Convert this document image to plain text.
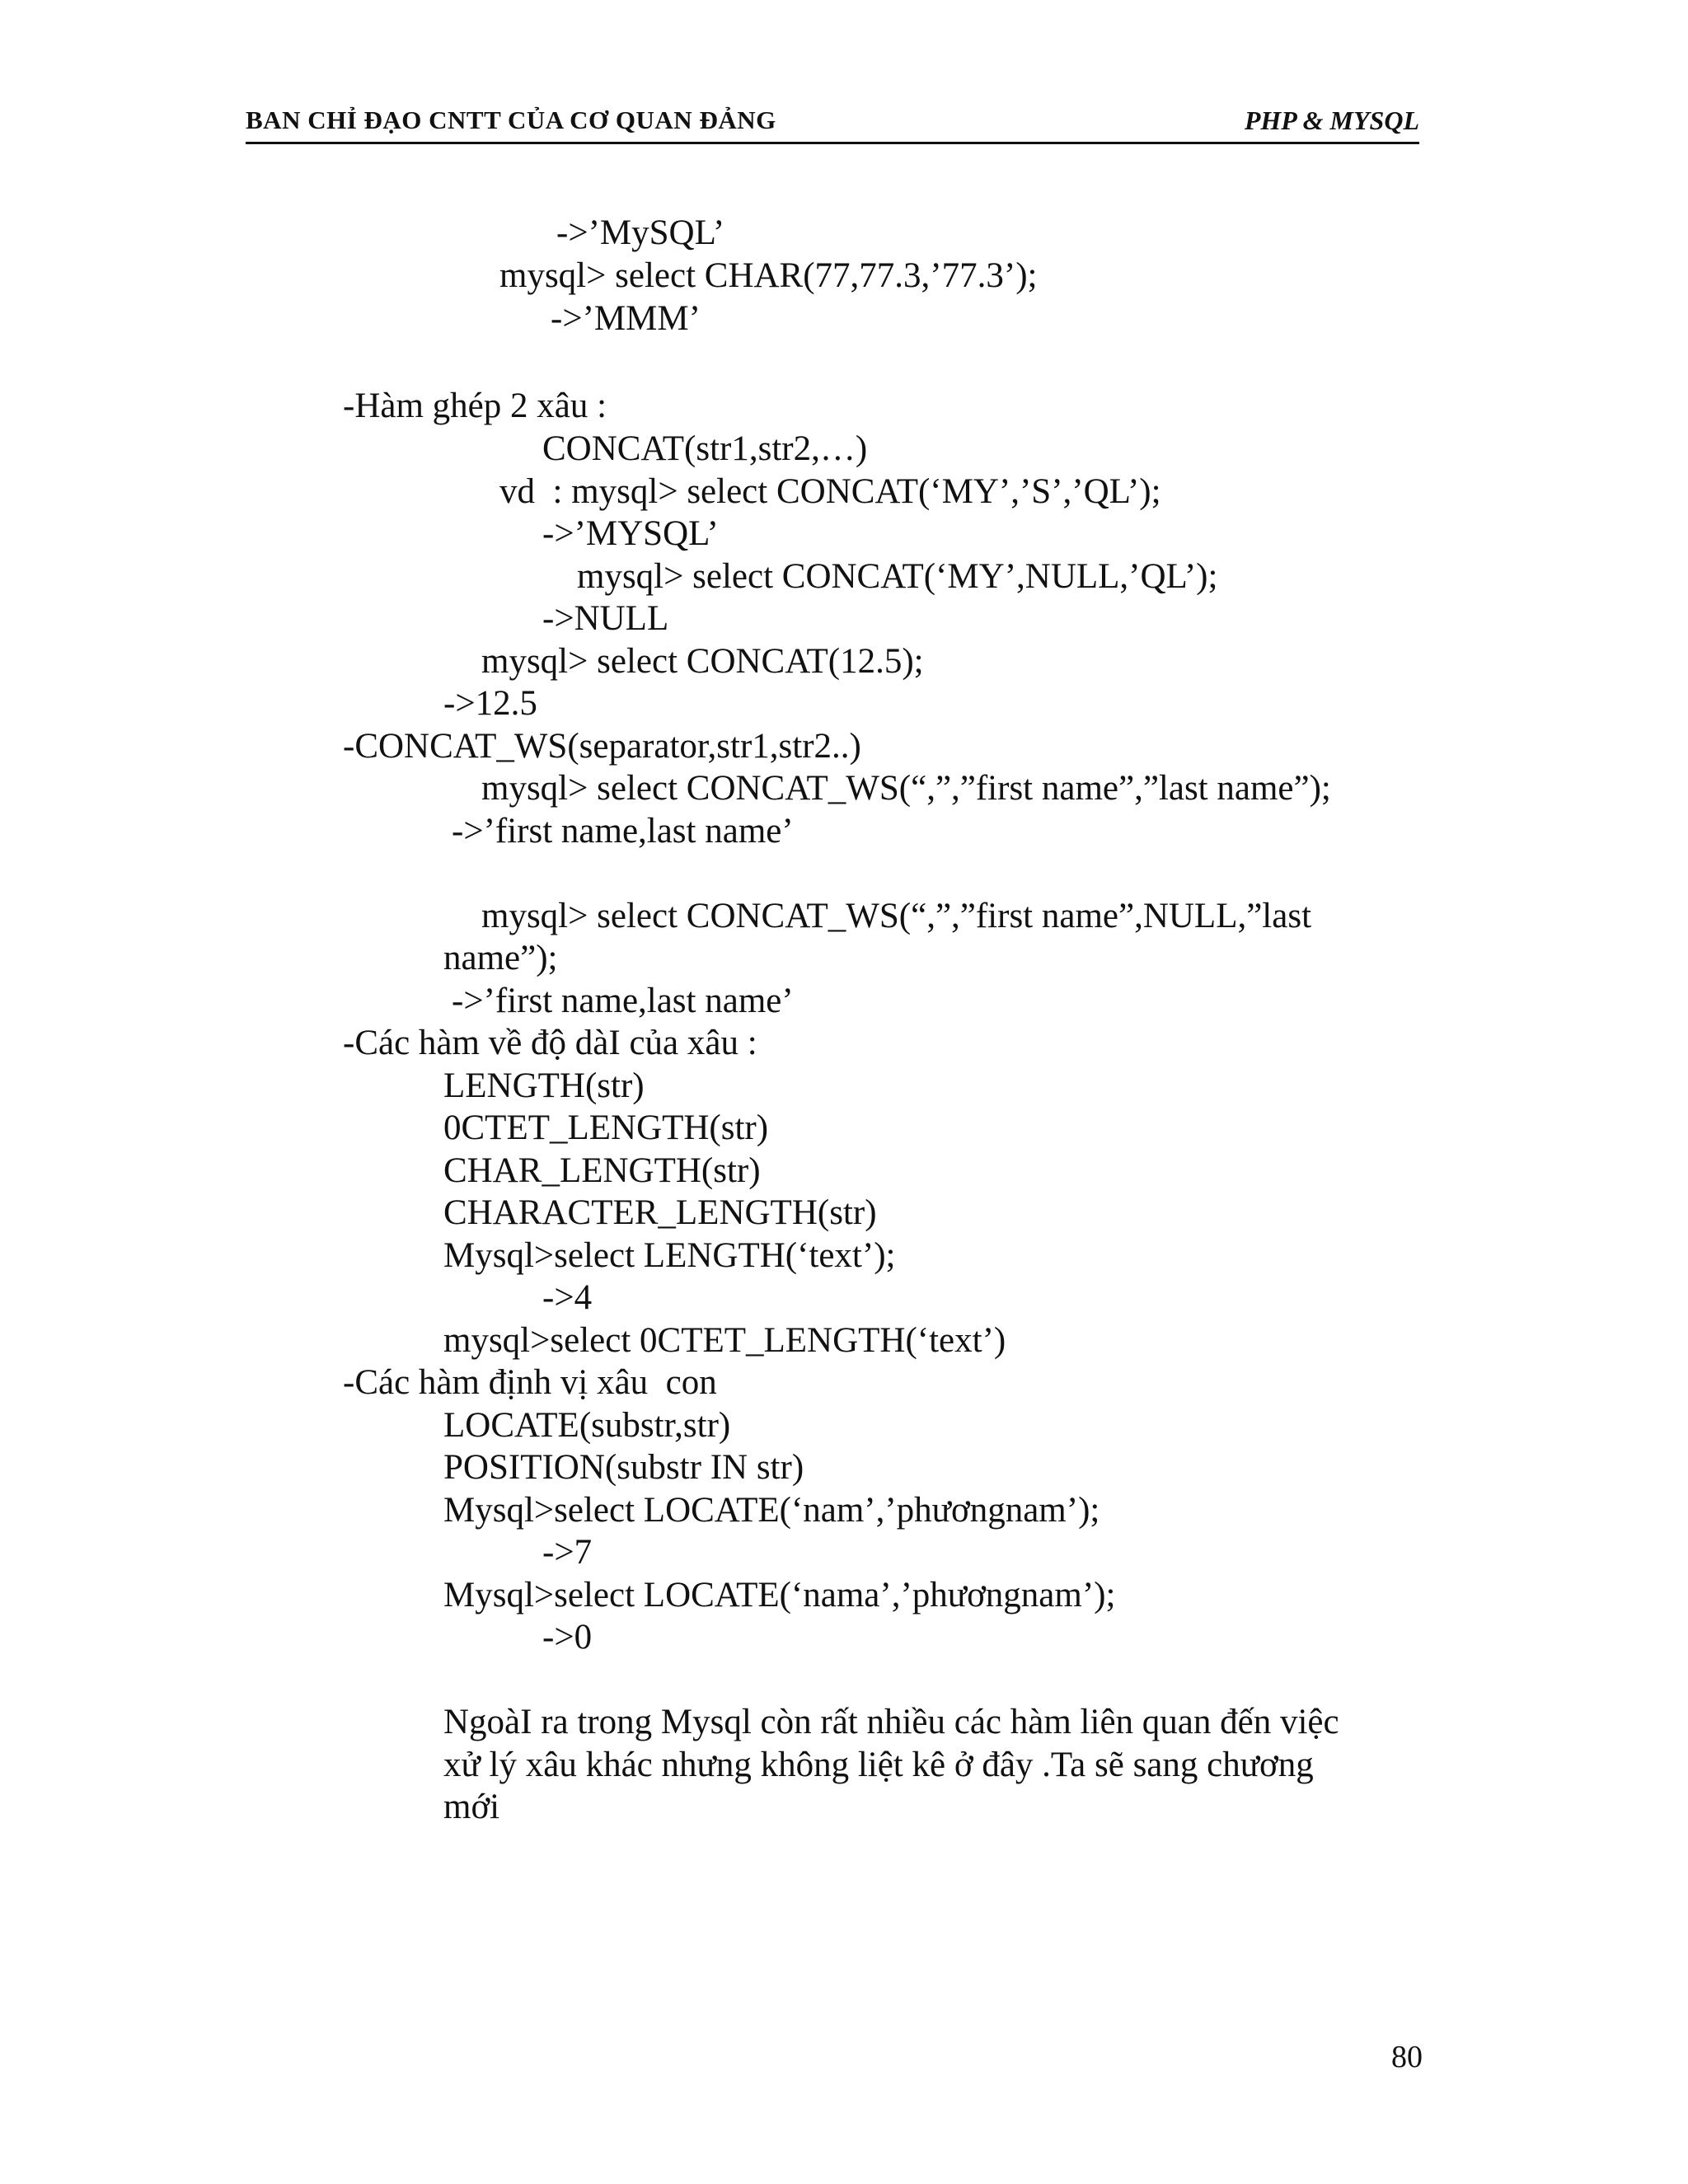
BAN CHỈ ĐẠO CNTT CỦA CƠ QUAN ĐẢNG	PHP & MYSQL
->’MySQL’
mysql> select CHAR(77,77.3,’77.3’);
->’MMM’
-Hàm ghép 2 xâu :
CONCAT(str1,str2,…)
vd  : mysql> select CONCAT(‘MY’,’S’,’QL’);
->’MYSQL’
mysql> select CONCAT(‘MY’,NULL,’QL’);
->NULL
mysql> select CONCAT(12.5);
->12.5
-CONCAT_WS(separator,str1,str2..)
mysql> select CONCAT_WS(“,”,”first name”,”last name”);
->’first name,last name’
mysql> select CONCAT_WS(“,”,”first name”,NULL,”last
name”);
->’first name,last name’
-Các hàm về độ dàI của xâu :
LENGTH(str)
0CTET_LENGTH(str)
CHAR_LENGTH(str)
CHARACTER_LENGTH(str)
Mysql>select LENGTH(‘text’);
->4
mysql>select 0CTET_LENGTH(‘text’)
-Các hàm định vị xâu  con
LOCATE(substr,str)
POSITION(substr IN str)
Mysql>select LOCATE(‘nam’,’phươngnam’);
->7
Mysql>select LOCATE(‘nama’,’phươngnam’);
->0
NgoàI ra trong Mysql còn rất nhiều các hàm liên quan đến việc
xử lý xâu khác nhưng không liệt kê ở đây .Ta sẽ sang chương
mới
80
